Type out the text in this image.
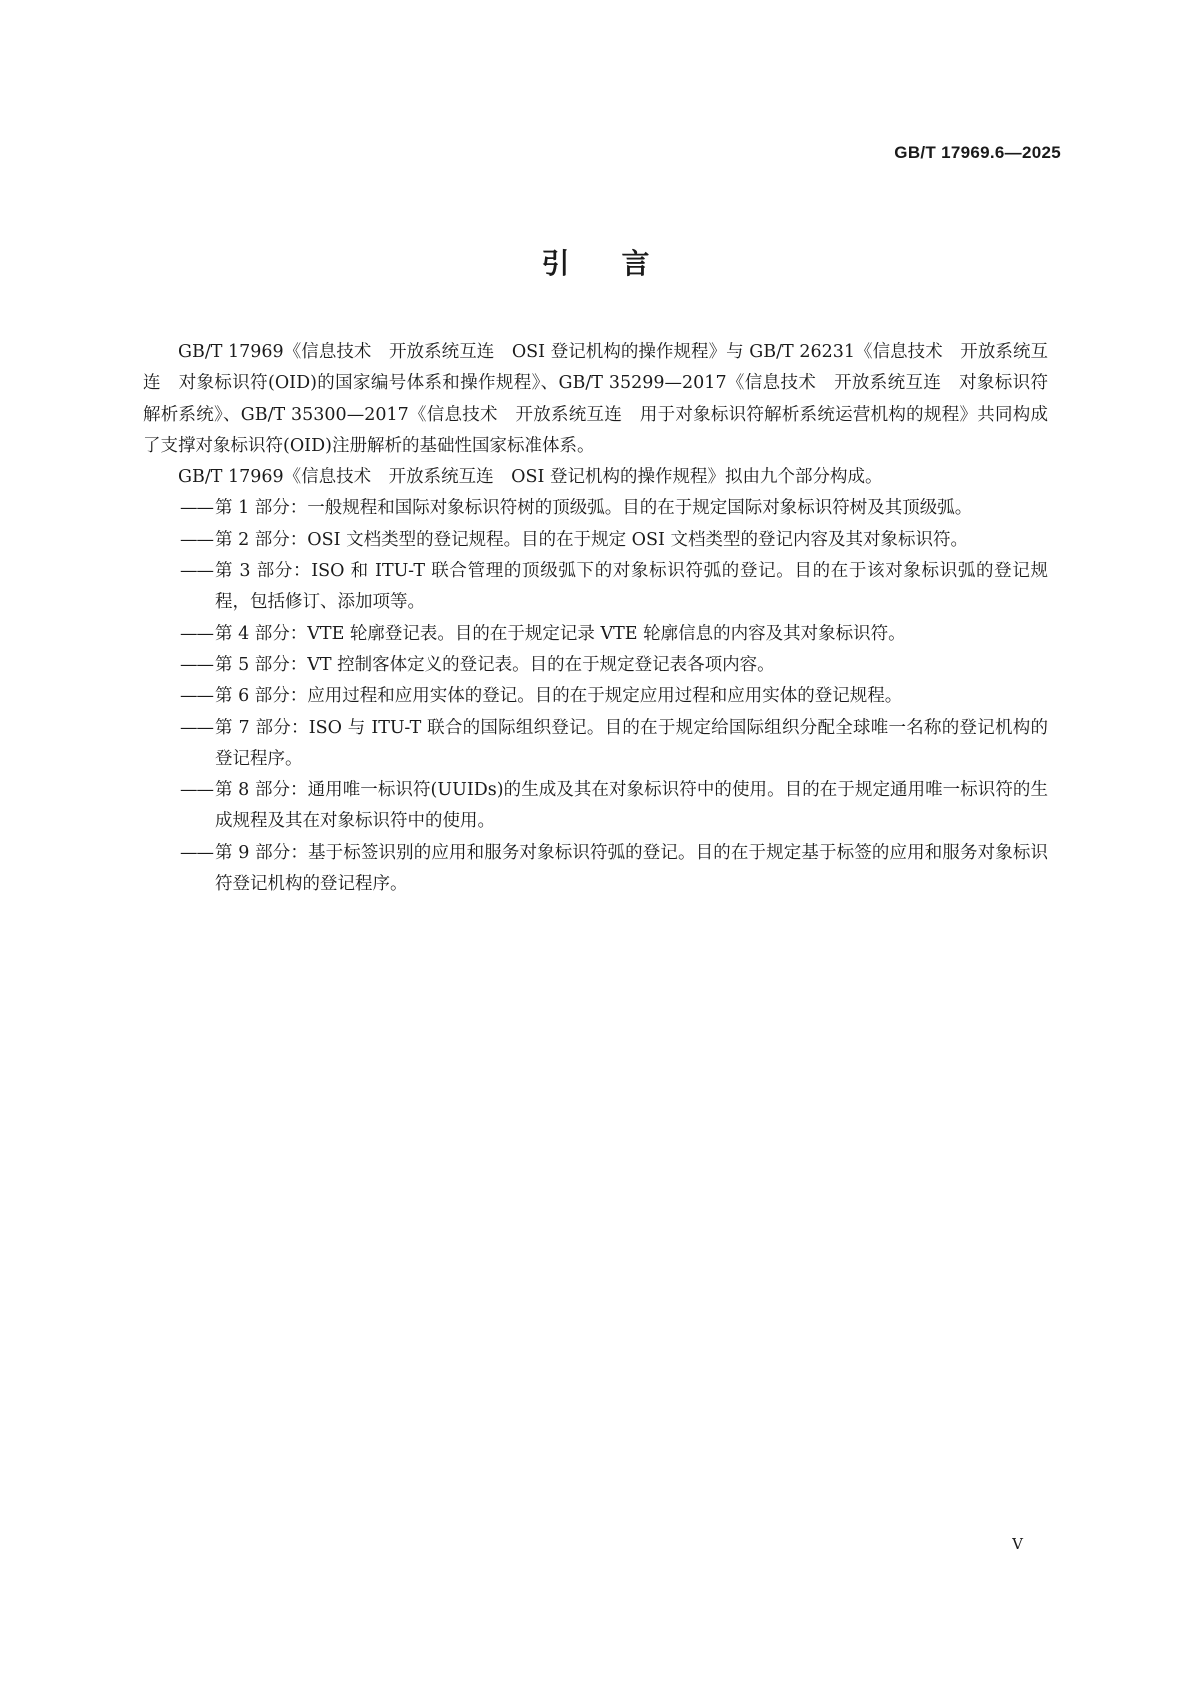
GB/T 17969.6—2025

引言

GB/T 17969《信息技术　开放系统互连　OSI 登记机构的操作规程》与 GB/T 26231《信息技术　开放系统互连　对象标识符(OID)的国家编号体系和操作规程》、GB/T 35299—2017《信息技术　开放系统互连　对象标识符解析系统》、GB/T 35300—2017《信息技术　开放系统互连　用于对象标识符解析系统运营机构的规程》共同构成了支撑对象标识符(OID)注册解析的基础性国家标准体系。

GB/T 17969《信息技术　开放系统互连　OSI 登记机构的操作规程》拟由九个部分构成。

—— 第 1 部分：一般规程和国际对象标识符树的顶级弧。目的在于规定国际对象标识符树及其顶级弧。
—— 第 2 部分：OSI 文档类型的登记规程。目的在于规定 OSI 文档类型的登记内容及其对象标识符。
—— 第 3 部分：ISO 和 ITU-T 联合管理的顶级弧下的对象标识符弧的登记。目的在于该对象标识弧的登记规程，包括修订、添加项等。
—— 第 4 部分：VTE 轮廓登记表。目的在于规定记录 VTE 轮廓信息的内容及其对象标识符。
—— 第 5 部分：VT 控制客体定义的登记表。目的在于规定登记表各项内容。
—— 第 6 部分：应用过程和应用实体的登记。目的在于规定应用过程和应用实体的登记规程。
—— 第 7 部分：ISO 与 ITU-T 联合的国际组织登记。目的在于规定给国际组织分配全球唯一名称的登记机构的登记程序。
—— 第 8 部分：通用唯一标识符(UUIDs)的生成及其在对象标识符中的使用。目的在于规定通用唯一标识符的生成规程及其在对象标识符中的使用。
—— 第 9 部分：基于标签识别的应用和服务对象标识符弧的登记。目的在于规定基于标签的应用和服务对象标识符登记机构的登记程序。

V
